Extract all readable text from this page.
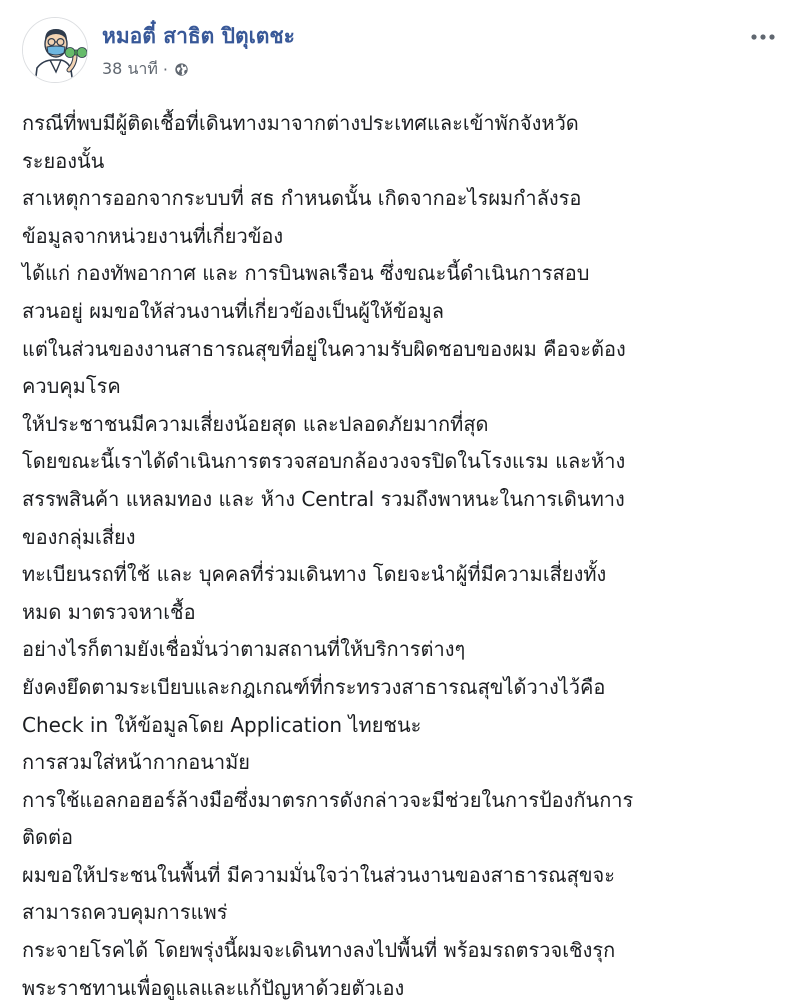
หมอตี๋ สาธิต ปิตุเตชะ
38 นาที ·
กรณีที่พบมีผู้ติดเชื้อที่เดินทางมาจากต่างประเทศและเข้าพักจังหวัด
ระยองนั้น
สาเหตุการออกจากระบบที่ สธ กำหนดนั้น เกิดจากอะไรผมกำลังรอ
ข้อมูลจากหน่วยงานที่เกี่ยวข้อง
ได้แก่ กองทัพอากาศ และ การบินพลเรือน ซึ่งขณะนี้ดำเนินการสอบ
สวนอยู่ ผมขอให้ส่วนงานที่เกี่ยวข้องเป็นผู้ให้ข้อมูล
แต่ในส่วนของงานสาธารณสุขที่อยู่ในความรับผิดชอบของผม คือจะต้อง
ควบคุมโรค
ให้ประชาชนมีความเสี่ยงน้อยสุด และปลอดภัยมากที่สุด
โดยขณะนี้เราได้ดำเนินการตรวจสอบกล้องวงจรปิดในโรงแรม และห้าง
สรรพสินค้า แหลมทอง และ ห้าง Central รวมถึงพาหนะในการเดินทาง
ของกลุ่มเสี่ยง
ทะเบียนรถที่ใช้ และ บุคคลที่ร่วมเดินทาง โดยจะนำผู้ที่มีความเสี่ยงทั้ง
หมด มาตรวจหาเชื้อ
อย่างไรก็ตามยังเชื่อมั่นว่าตามสถานที่ให้บริการต่างๆ
ยังคงยึดตามระเบียบและกฎเกณฑ์ที่กระทรวงสาธารณสุขได้วางไว้คือ
Check in ให้ข้อมูลโดย Application ไทยชนะ
การสวมใส่หน้ากากอนามัย
การใช้แอลกอฮอร์ล้างมือซึ่งมาตรการดังกล่าวจะมีช่วยในการป้องกันการ
ติดต่อ
ผมขอให้ประชนในพื้นที่ มีความมั่นใจว่าในส่วนงานของสาธารณสุขจะ
สามารถควบคุมการแพร่
กระจายโรคได้ โดยพรุ่งนี้ผมจะเดินทางลงไปพื้นที่ พร้อมรถตรวจเชิงรุก
พระราชทานเพื่อดูแลและแก้ปัญหาด้วยตัวเอง
